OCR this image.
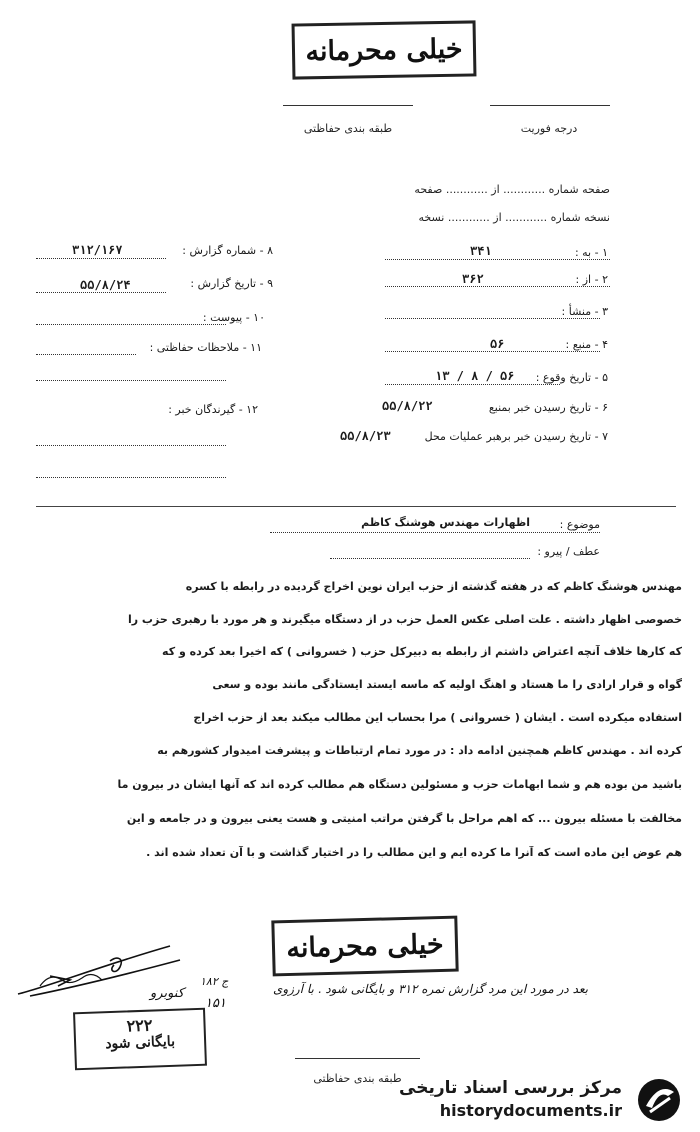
خیلی محرمانه
طبقه بندی حفاظتی	درجه فوریت
صفحه شماره ............ از ............ صفحه
نسخه شماره ............ از ............ نسخه
۱ - به :
۳۴۱
۲ - از :
۳۶۲
۳ - منشأ :
۴ - منبع :
۵۶
۵ - تاریخ وقوع :
۱۳ / ۸ / ۵۶
۶ - تاریخ رسیدن خبر بمنبع
۵۵/۸/۲۲
۷ - تاریخ رسیدن خبر برهبر عملیات محل
۵۵/۸/۲۳
۸ - شماره گزارش :
۳۱۲/۱۶۷
۹ - تاریخ گزارش :
۵۵/۸/۲۴
۱۰ - پیوست :
۱۱ - ملاحظات حفاظتی :
۱۲ - گیرندگان خبر :
موضوع :
اظهارات مهندس هوشنگ کاظم
عطف / پیرو :
مهندس هوشنگ کاظم که در هفته گذشته از حزب ایران نوین اخراج گردیده در رابطه با کسره
خصوصی اظهار داشته . علت اصلی عکس العمل حزب در از دستگاه میگیرند و هر مورد با رهبری حزب را
که کارها خلاف آنچه اعتراض داشتم از رابطه به دبیرکل حزب ( خسروانی ) که اخیرا بعد کرده و که
گواه و قرار ارادی را ما هستاد و اهنگ اولیه که ماسه ایستد ایستادگی مانند بوده و سعی
استفاده میکرده است . ایشان ( خسروانی ) مرا بحساب این مطالب میکند بعد از حزب اخراج
کرده اند . مهندس کاظم همچنین ادامه داد : در مورد تمام ارتباطات و پیشرفت امیدوار کشورهم به
باشید من بوده هم و شما ابهامات حزب و مسئولین دستگاه هم مطالب کرده اند که آنها ایشان در بیرون ما
مخالفت با مسئله بیرون ... که اهم مراحل با گرفتن مراتب امنیتی و هست یعنی بیرون و در جامعه و این
هم عوض این ماده است که آنرا ما کرده ایم و این مطالب را در اختیار گذاشت و با آن تعداد شده اند .
خیلی محرمانه
بعد در مورد این مرد گزارش نمره ۳۱۲ و بایگانی شود . با آرزوی
ج ۱۸۲
۱۵۱
کنوبرو
۲۲۲
بایگانی شود
طبقه بندی حفاظتی
مرکز بررسی اسناد تاریخی
historydocuments.ir
